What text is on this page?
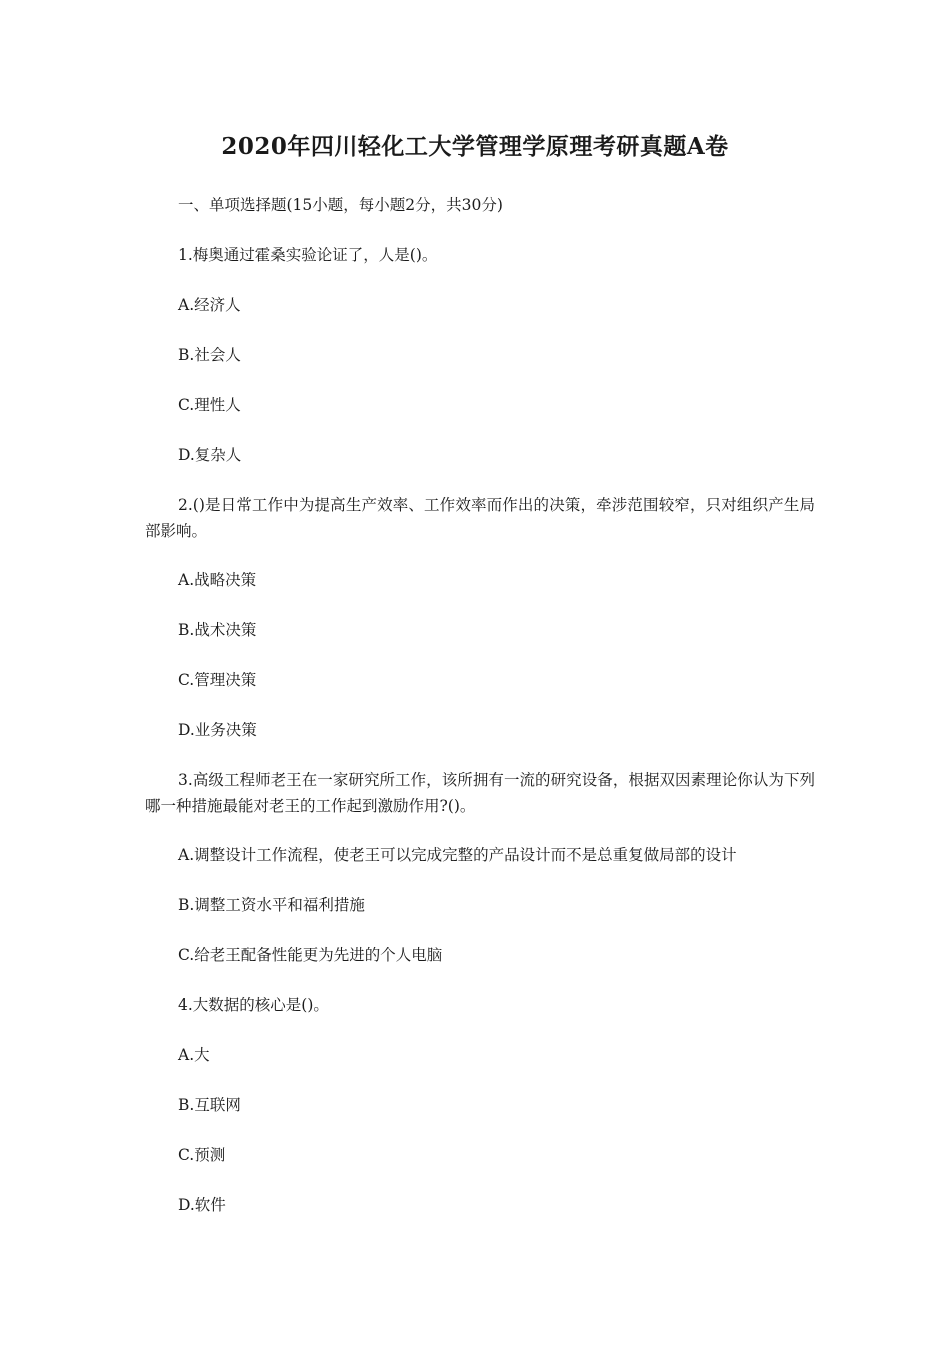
2020年四川轻化工大学管理学原理考研真题A卷
一、单项选择题(15小题，每小题2分，共30分)
1.梅奥通过霍桑实验论证了，人是()。
A.经济人
B.社会人
C.理性人
D.复杂人
2.()是日常工作中为提高生产效率、工作效率而作出的决策，牵涉范围较窄，只对组织产生局部影响。
A.战略决策
B.战术决策
C.管理决策
D.业务决策
3.高级工程师老王在一家研究所工作，该所拥有一流的研究设备，根据双因素理论你认为下列哪一种措施最能对老王的工作起到激励作用?()。
A.调整设计工作流程，使老王可以完成完整的产品设计而不是总重复做局部的设计
B.调整工资水平和福利措施
C.给老王配备性能更为先进的个人电脑
4.大数据的核心是()。
A.大
B.互联网
C.预测
D.软件
